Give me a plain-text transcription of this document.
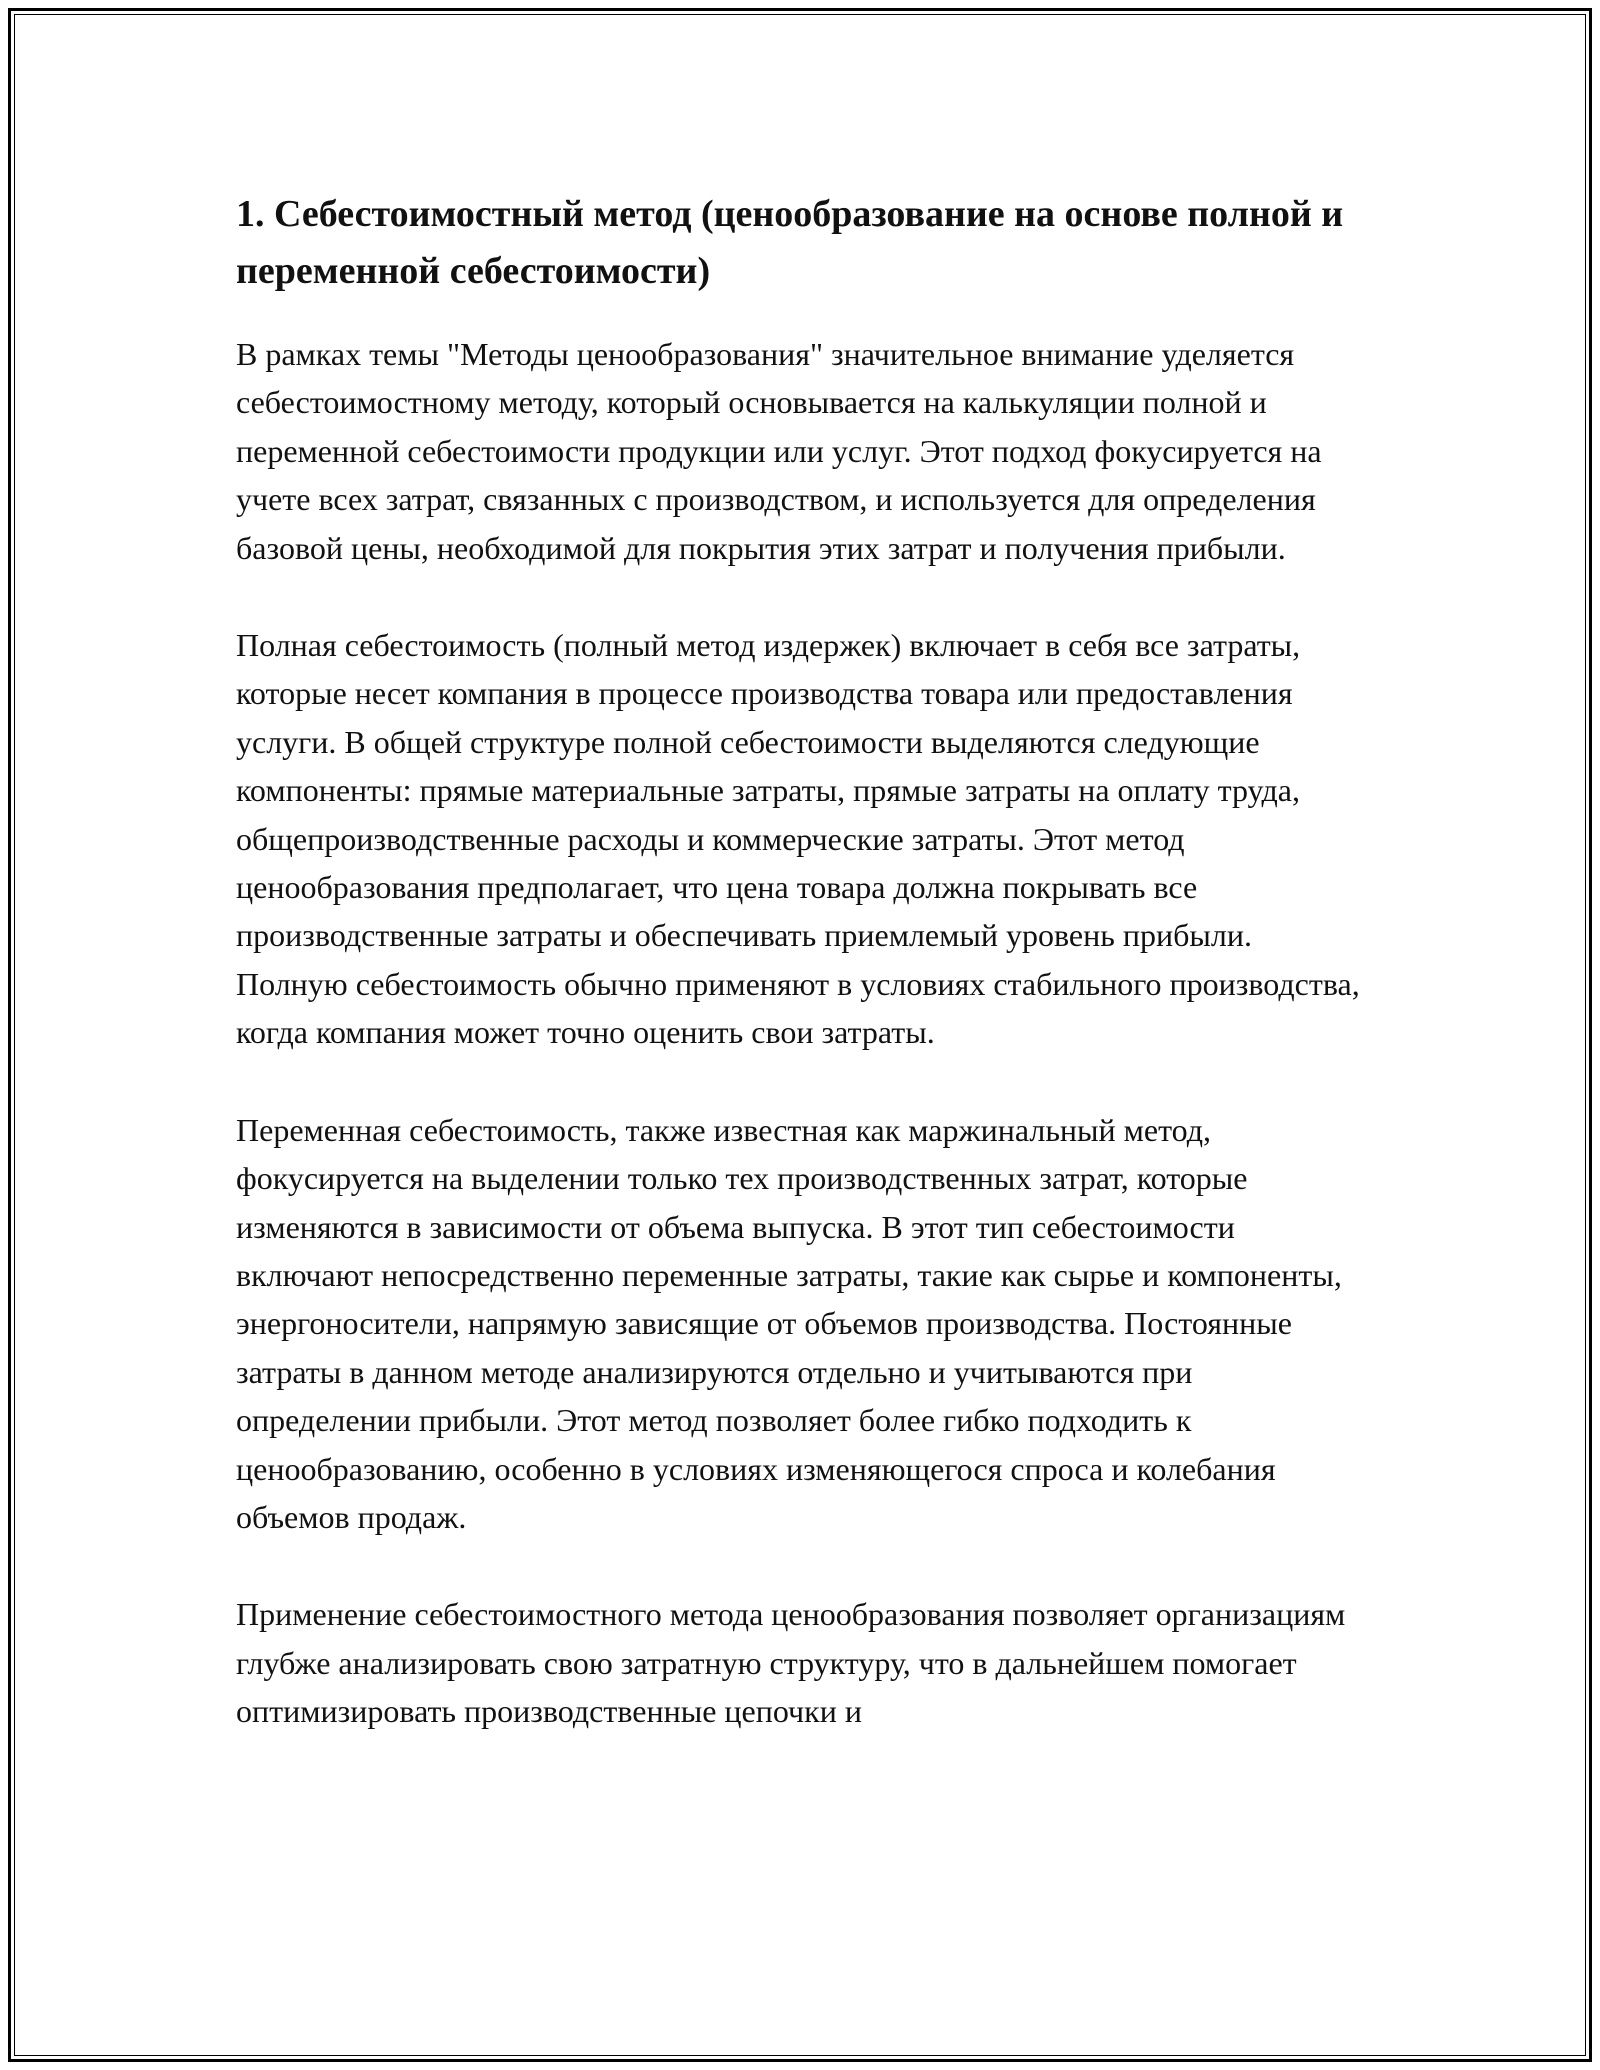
1. Себестоимостный метод (ценообразование на основе полной и переменной себестоимости)

В рамках темы "Методы ценообразования" значительное внимание уделяется себестоимостному методу, который основывается на калькуляции полной и переменной себестоимости продукции или услуг. Этот подход фокусируется на учете всех затрат, связанных с производством, и используется для определения базовой цены, необходимой для покрытия этих затрат и получения прибыли.

Полная себестоимость (полный метод издержек) включает в себя все затраты, которые несет компания в процессе производства товара или предоставления услуги. В общей структуре полной себестоимости выделяются следующие компоненты: прямые материальные затраты, прямые затраты на оплату труда, общепроизводственные расходы и коммерческие затраты. Этот метод ценообразования предполагает, что цена товара должна покрывать все производственные затраты и обеспечивать приемлемый уровень прибыли. Полную себестоимость обычно применяют в условиях стабильного производства, когда компания может точно оценить свои затраты.

Переменная себестоимость, также известная как маржинальный метод, фокусируется на выделении только тех производственных затрат, которые изменяются в зависимости от объема выпуска. В этот тип себестоимости включают непосредственно переменные затраты, такие как сырье и компоненты, энергоносители, напрямую зависящие от объемов производства. Постоянные затраты в данном методе анализируются отдельно и учитываются при определении прибыли. Этот метод позволяет более гибко подходить к ценообразованию, особенно в условиях изменяющегося спроса и колебания объемов продаж.

Применение себестоимостного метода ценообразования позволяет организациям глубже анализировать свою затратную структуру, что в дальнейшем помогает оптимизировать производственные цепочки и
